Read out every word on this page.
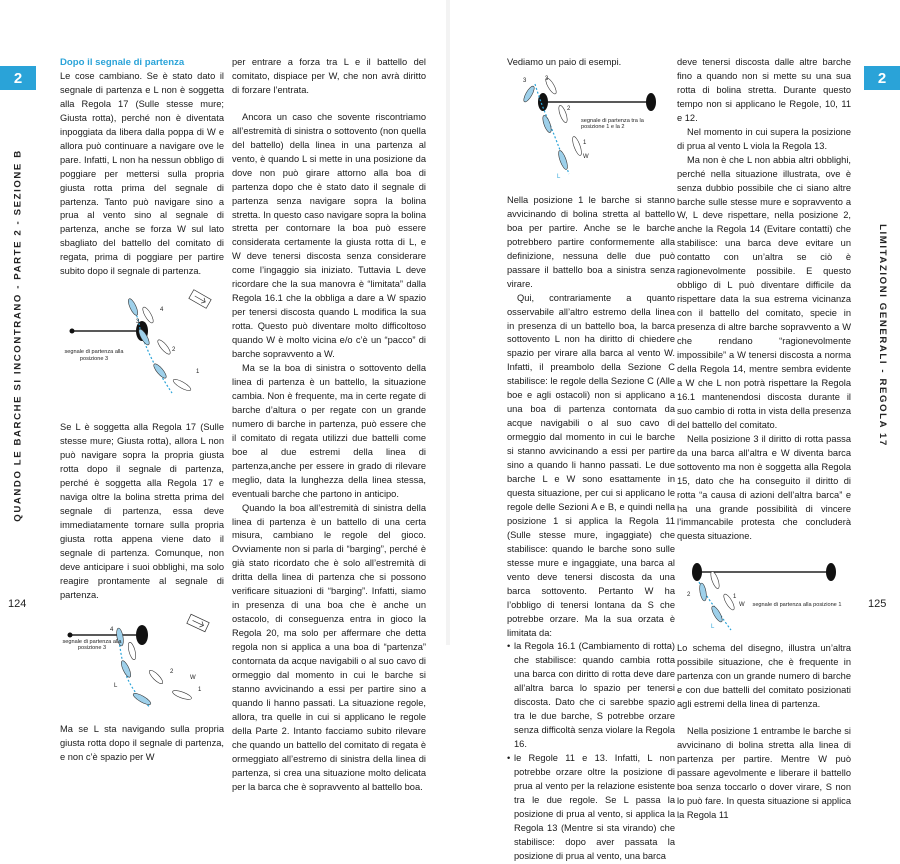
2
QUANDO LE BARCHE SI INCONTRANO - PARTE 2 - SEZIONE B
124

Dopo il segnale di partenza

Le cose cambiano. Se è stato dato il segnale di partenza e L non è soggetta alla Regola 17 (Sulle stesse mure; Giusta rotta), perché non è diventata inpoggiata da libera dalla poppa di W e allora può continuare a navigare ove le pare. Infatti, L non ha nessun obbligo di poggiare per mettersi sulla propria giusta rotta prima del segnale di partenza. Tanto può navigare sino a prua al vento sino al segnale di partenza, anche se forza W sul lato sbagliato del battello del comitato di regata, prima di poggiare per partire subito dopo il segnale di partenza.

4
3
2
1
segnale di partenza alla posizione 3

Se L è soggetta alla Regola 17 (Sulle stesse mure; Giusta rotta), allora L non può navigare sopra la propria giusta rotta dopo il segnale di partenza, perché è soggetta alla Regola 17 e naviga oltre la bolina stretta prima del segnale di partenza, essa deve immediatamente tornare sulla propria giusta rotta appena viene dato il segnale di partenza. Comunque, non deve anticipare i suoi obblighi, ma solo reagire prontamente al segnale di partenza.

4
2
1
L
W
segnale di partenza alla posizione 3

Ma se L sta navigando sulla propria giusta rotta dopo il segnale di partenza, e non c’è spazio per W

per entrare a forza tra L e il battello del comitato, dispiace per W, che non avrà diritto di forzare l’entrata.

Ancora un caso che sovente riscontriamo all’estremità di sinistra o sottovento (non quella del battello) della linea in una partenza al vento, è quando L si mette in una posizione da dove non può girare attorno alla boa di partenza dopo che è stato dato il segnale di partenza senza navigare sopra la bolina stretta. In questo caso navigare sopra la bolina stretta per contornare la boa può essere considerata certamente la giusta rotta di L, e W deve tenersi discosta senza considerare come l’ingaggio sia iniziato. Tuttavia L deve ricordare che la sua manovra è “limitata” dalla Regola 16.1 che la obbliga a dare a W spazio per tenersi discosta quando L modifica la sua rotta. Questo può diventare molto difficoltoso quando W è molto vicina e/o c’è un “pacco” di barche sopravvento a W.

Ma se la boa di sinistra o sottovento della linea di partenza è un battello, la situazione cambia. Non è frequente, ma in certe regate di barche d’altura o per regate con un grande numero di barche in partenza, può essere che il comitato di regata utilizzi due battelli come boe al due estremi della linea di partenza,anche per essere in grado di rilevare meglio, data la lunghezza della linea stessa, eventuali barche che partono in anticipo.

Quando la boa all’estremità di sinistra della linea di partenza è un battello di una certa misura, cambiano le regole del gioco. Ovviamente non si parla di “barging”, perché è già stato ricordato che è solo all’estremità di dritta della linea di partenza che si possono verificare situazioni di “barging”. Infatti, siamo in presenza di una boa che è anche un ostacolo, di conseguenza entra in gioco la Regola 20, ma solo per affermare che detta regola non si applica a una boa di “partenza” contornata da acque navigabili o al suo cavo di ormeggio dal momento in cui le barche si stanno avvicinando a essi per partire sino a quando li hanno passati. La situazione regole, allora, tra quelle in cui si applicano le regole della Parte 2. Intanto facciamo subito rilevare che quando un battello del comitato di regata è ormeggiato all’estremo di sinistra della linea di partenza, si crea una situazione molto delicata per la barca che è sopravvento al battello boa.

2
LIMITAZIONI GENERALI - REGOLA 17
125

Vediamo un paio di esempi.

3	3
2
1
L
W
segnale di partenza tra la posizione 1 e la 2

Nella posizione 1 le barche si stanno avvicinando di bolina stretta al battello boa per partire. Anche se le barche potrebbero partire conformemente alla definizione, nessuna delle due può passare il battello boa a sinistra senza virare.

Qui, contrariamente a quanto osservabile all’altro estremo della linea in presenza di un battello boa, la barca sottovento L non ha diritto di chiedere spazio per virare alla barca al vento W. Infatti, il preambolo della Sezione C stabilisce: le regole della Sezione C (Alle boe e agli ostacoli) non si applicano a una boa di partenza contornata da acque navigabili o al suo cavo di ormeggio dal momento in cui le barche si stanno avvicinando a essi per partire sino a quando li hanno passati. Le due barche L e W sono esattamente in questa situazione, per cui si applicano le regole delle Sezioni A e B, e quindi nella posizione 1 si applica la Regola 11 (Sulle stesse mure, ingaggiate) che stabilisce: quando le barche sono sulle stesse mure e ingaggiate, una barca al vento deve tenersi discosta da una barca sottovento. Pertanto W ha l’obbligo di tenersi lontana da S che potrebbe orzare. Ma la sua orzata è limitata da:

• la Regola 16.1 (Cambiamento di rotta) che stabilisce: quando cambia rotta una barca con diritto di rotta deve dare all’altra barca lo spazio per tenersi discosta. Dato che ci sarebbe spazio tra le due barche, S potrebbe orzare senza difficoltà senza violare la Regola 16.

• le Regole 11 e 13. Infatti, L non potrebbe orzare oltre la posizione di prua al vento per la relazione esistente tra le due regole. Se L passa la posizione di prua al vento, si applica la Regola 13 (Mentre si sta virando) che stabilisce: dopo aver passata la posizione di prua al vento, una barca

deve tenersi discosta dalle altre barche fino a quando non si mette su una sua rotta di bolina stretta. Durante questo tempo non si applicano le Regole, 10, 11 e 12.

Nel momento in cui supera la posizione di prua al vento L viola la Regola 13.

Ma non è che L non abbia altri obblighi, perché nella situazione illustrata, ove è senza dubbio possibile che ci siano altre barche sulle stesse mure e sopravvento a W, L deve rispettare, nella posizione 2, anche la Regola 14 (Evitare contatti) che stabilisce: una barca deve evitare un contatto con un’altra se ciò è ragionevolmente possibile. E questo obbligo di L può diventare difficile da rispettare data la sua estrema vicinanza con il battello del comitato, specie in presenza di altre barche sopravvento a W che rendano “ragionevolmente impossibile” a W tenersi discosta a norma della Regola 14, mentre sembra evidente a W che L non potrà rispettare la Regola 16.1 mantenendosi discosta durante il suo cambio di rotta in vista della presenza del battello del comitato.

Nella posizione 3 il diritto di rotta passa da una barca all’altra e W diventa barca sottovento ma non è soggetta alla Regola 15, dato che ha conseguito il diritto di rotta “a causa di azioni dell’altra barca” e ha una grande possibilità di vincere l’immancabile protesta che concluderà questa situazione.

2	1
W
L
segnale di partenza alla posizione 1

Lo schema del disegno, illustra un’altra possibile situazione, che è frequente in partenza con un grande numero di barche e con due battelli del comitato posizionati agli estremi della linea di partenza.

Nella posizione 1 entrambe le barche si avvicinano di bolina stretta alla linea di partenza per partire. Mentre W può passare agevolmente e liberare il battello boa senza toccarlo o dover virare, S non lo può fare. In questa situazione si applica la Regola 11
